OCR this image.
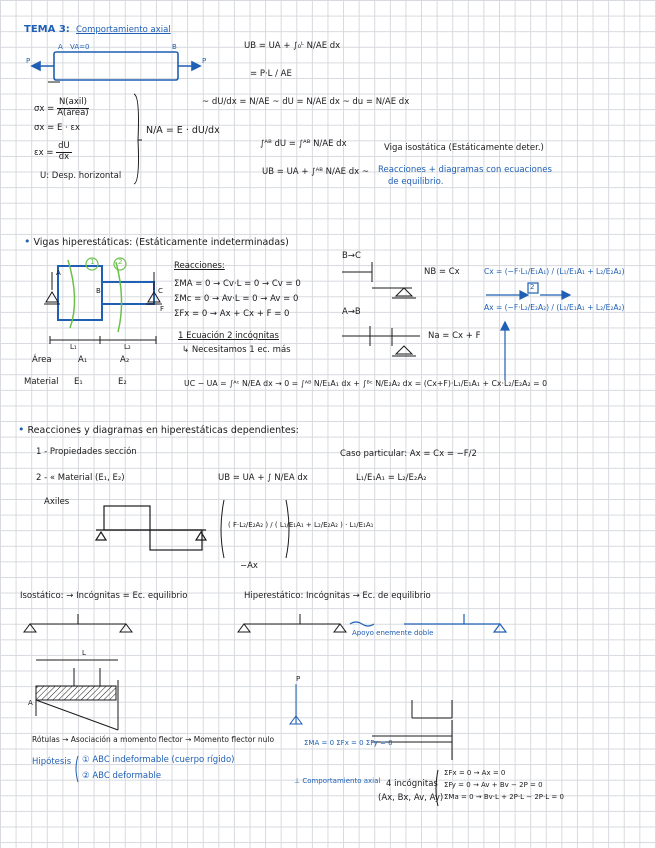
TEMA 3: Comportamiento axial
A VA=0	B
P
P
UB = UA + ∫₀ᴸ N/AE dx
= P·L / AE
$\sigma x = \frac{\text{N(axil)}}{\text{A(área)}}$
σx = E · εx
$\varepsilon x = \frac{dU}{dx}$
U: Desp. horizontal
N/A = E · dU/dx
~ dU/dx = N/AE ~ dU = N/AE dx ~ du = N/AE dx
∫ᴬᴮ dU = ∫ᴬᴮ N/AE dx
UB = UA + ∫ᴬᴮ N/AE dx ~
Viga isostática (Estáticamente deter.)
Reacciones + diagramas con ecuaciones
de equilibrio.
• Vigas hiperestáticas: (Estáticamente indeterminadas)
Reacciones:
ΣMA = 0 → Cv·L = 0 → Cv = 0
ΣMc = 0 → Av·L = 0 → Av = 0
ΣFx = 0 → Ax + Cx + F = 0
1 Ecuación 2 incógnitas
↳ Necesitamos 1 ec. más
A
B	C
F
L₁	L₂
1	2
Área	A₁	A₂
Material E₁	E₂
B→C
NB = Cx
A→B
Na = Cx + F
UC − UA = ∫ᴬᶜ N/EA dx → 0 = ∫ᴬᴮ N/E₁A₁ dx + ∫ᴮᶜ N/E₂A₂ dx = (Cx+F)·L₁/E₁A₁ + Cx·L₂/E₂A₂ = 0
Cx = (−F·L₁/E₁A₁) / (L₁/E₁A₁ + L₂/E₂A₂)
2
Ax = (−F·L₂/E₂A₂) / (L₁/E₁A₁ + L₂/E₂A₂)
• Reacciones y diagramas en hiperestáticas dependientes:
1 - Propiedades sección
2 - « Material (E₁, E₂)
Axiles
UB = UA + ∫ N/EA dx
Caso particular: Ax = Cx = −F/2
L₁/E₁A₁ = L₂/E₂A₂
( F·L₂/E₂A₂ ) / ( L₁/E₁A₁ + L₂/E₂A₂ ) · L₁/E₁A₁
−Ax
Isostático: → Incógnitas = Ec. equilibrio	Hiperestático: Incógnitas → Ec. de equilibrio
Apoyo enemente doble
Rótulas → Asociación a momento flector → Momento flector nulo
Hipótesis ① ABC indeformable (cuerpo rígido)
② ABC deformable
ΣMA = 0 ΣFx = 0 ΣFy = 0
⊥ Comportamiento axial 4 incógnitas
(Ax, Bx, Av, Ay)
ΣFx = 0 → Ax = 0
ΣFy = 0 → Av + Bv − 2P = 0
ΣMa = 0 → Bv·L + 2P·L − 2P·L = 0
P
L
A
